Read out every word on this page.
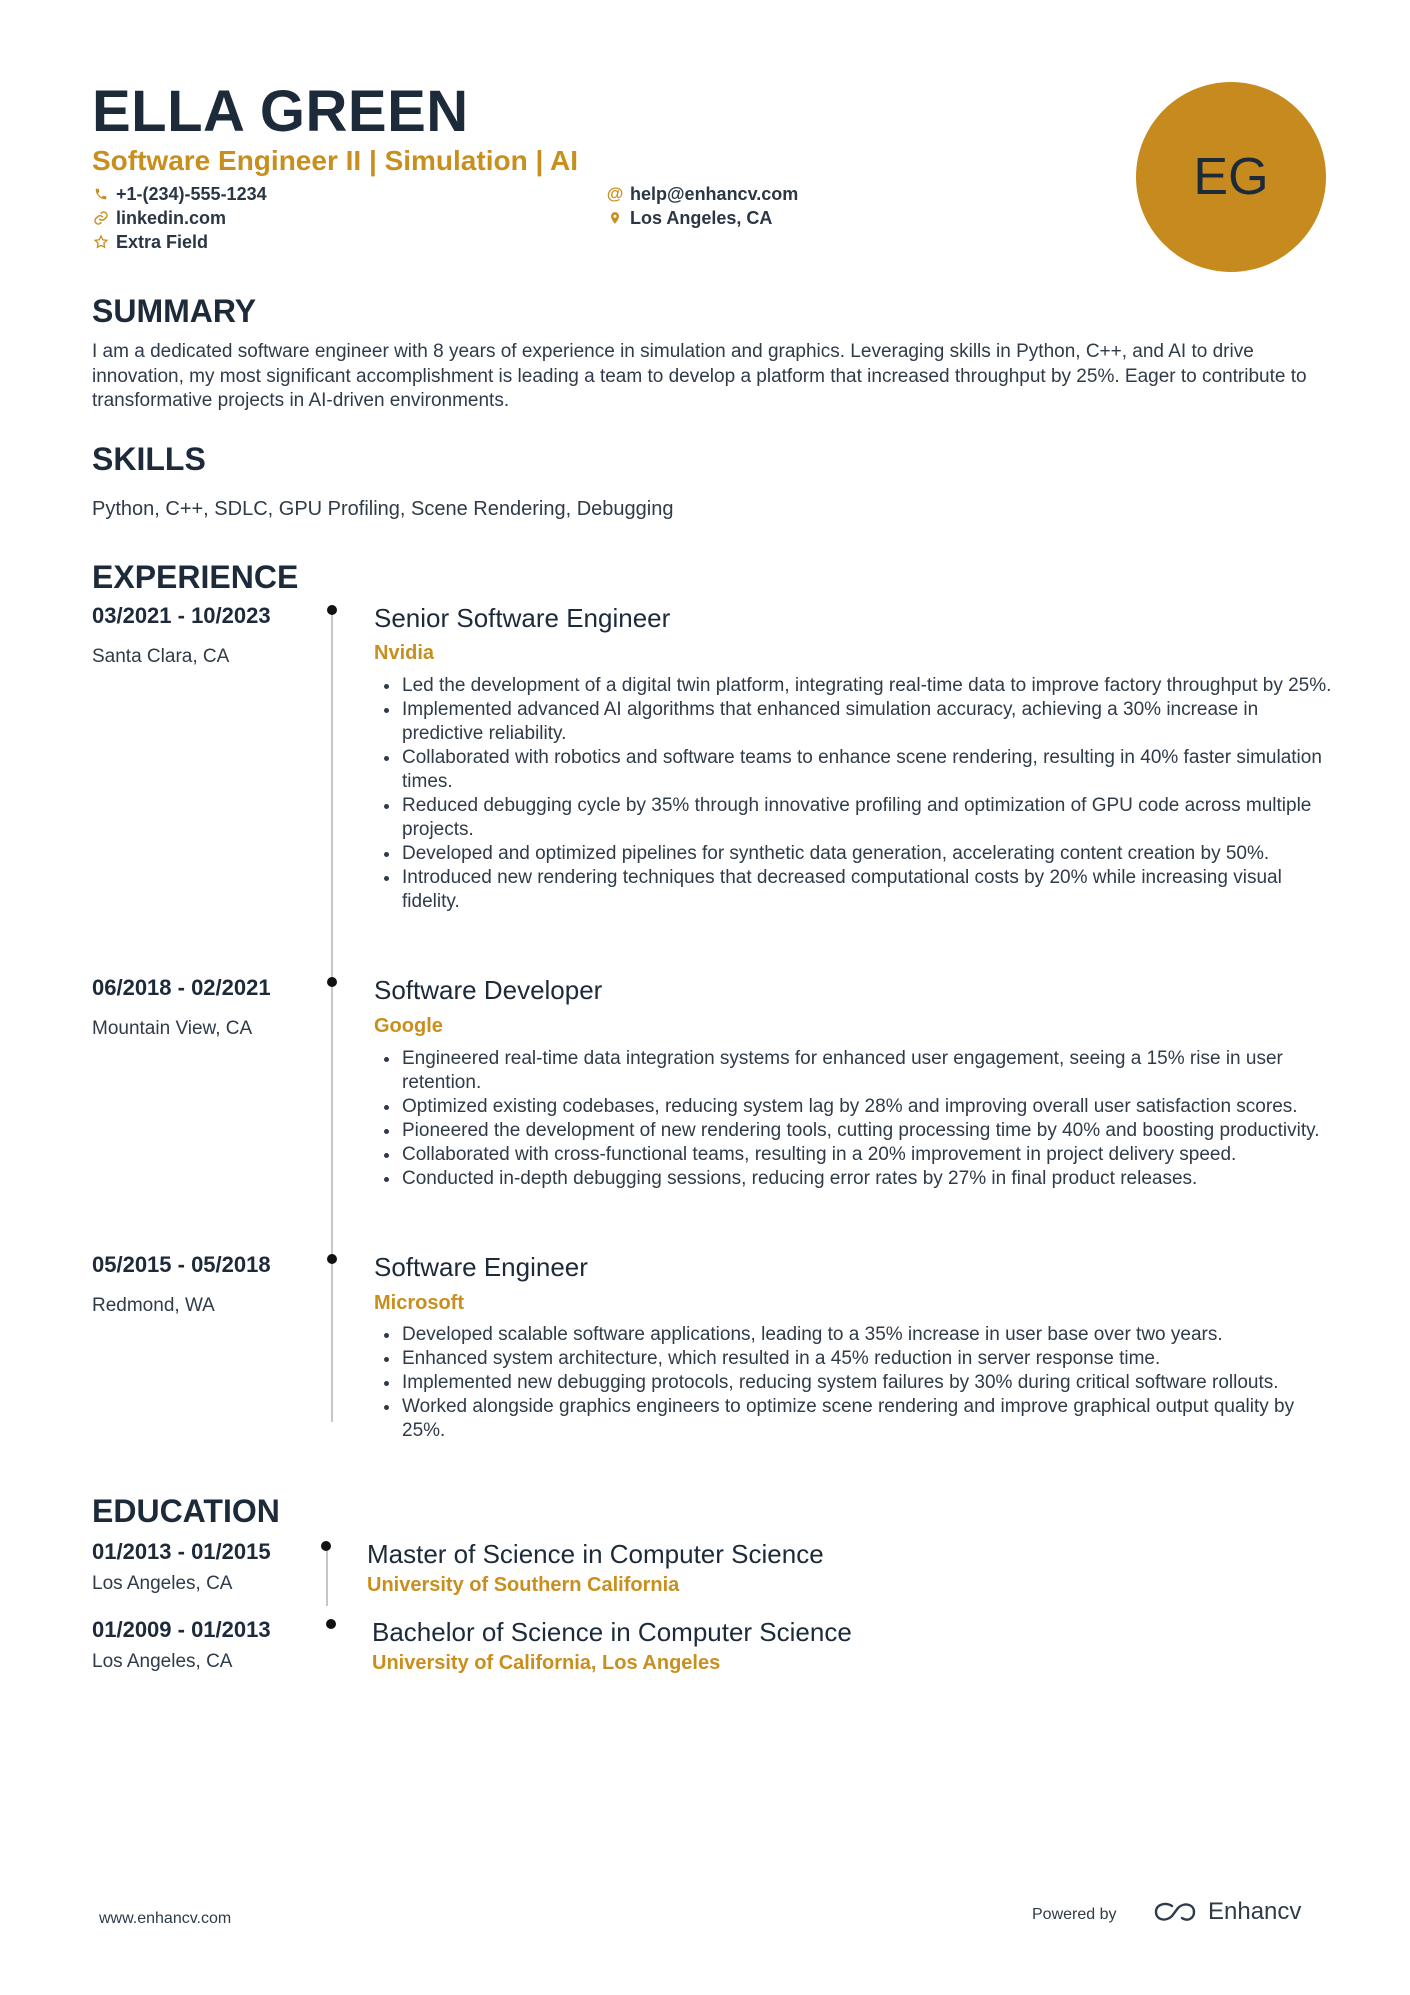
ELLA GREEN
Software Engineer II | Simulation | AI
+1-(234)-555-1234
linkedin.com
Extra Field
@ help@enhancv.com
Los Angeles, CA
EG
SUMMARY
I am a dedicated software engineer with 8 years of experience in simulation and graphics. Leveraging skills in Python, C++, and AI to drive innovation, my most significant accomplishment is leading a team to develop a platform that increased throughput by 25%. Eager to contribute to transformative projects in AI-driven environments.
SKILLS
Python, C++, SDLC, GPU Profiling, Scene Rendering, Debugging
EXPERIENCE
03/2021 - 10/2023
Santa Clara, CA
Senior Software Engineer
Nvidia
Led the development of a digital twin platform, integrating real-time data to improve factory throughput by 25%.
Implemented advanced AI algorithms that enhanced simulation accuracy, achieving a 30% increase in predictive reliability.
Collaborated with robotics and software teams to enhance scene rendering, resulting in 40% faster simulation times.
Reduced debugging cycle by 35% through innovative profiling and optimization of GPU code across multiple projects.
Developed and optimized pipelines for synthetic data generation, accelerating content creation by 50%.
Introduced new rendering techniques that decreased computational costs by 20% while increasing visual fidelity.
06/2018 - 02/2021
Mountain View, CA
Software Developer
Google
Engineered real-time data integration systems for enhanced user engagement, seeing a 15% rise in user retention.
Optimized existing codebases, reducing system lag by 28% and improving overall user satisfaction scores.
Pioneered the development of new rendering tools, cutting processing time by 40% and boosting productivity.
Collaborated with cross-functional teams, resulting in a 20% improvement in project delivery speed.
Conducted in-depth debugging sessions, reducing error rates by 27% in final product releases.
05/2015 - 05/2018
Redmond, WA
Software Engineer
Microsoft
Developed scalable software applications, leading to a 35% increase in user base over two years.
Enhanced system architecture, which resulted in a 45% reduction in server response time.
Implemented new debugging protocols, reducing system failures by 30% during critical software rollouts.
Worked alongside graphics engineers to optimize scene rendering and improve graphical output quality by 25%.
EDUCATION
01/2013 - 01/2015
Los Angeles, CA
Master of Science in Computer Science
University of Southern California
01/2009 - 01/2013
Los Angeles, CA
Bachelor of Science in Computer Science
University of California, Los Angeles
www.enhancv.com	Powered by	Enhancv
